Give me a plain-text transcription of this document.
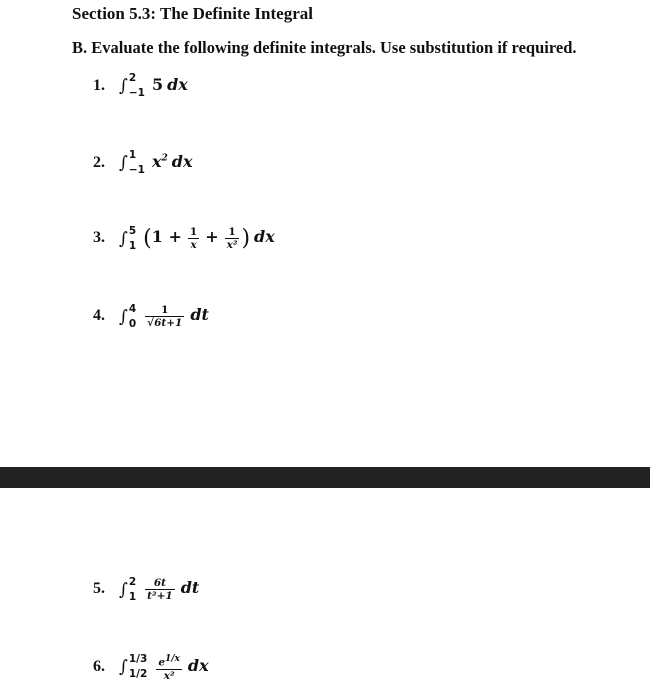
Section 5.3: The Definite Integral
B. Evaluate the following definite integrals. Use substitution if required.
1. ∫ 2
−1 5 dx
2. ∫ 1
−1 $x^2$ dx
3. ∫ 5
1 ($1 + \frac{1}{x} + \frac{1}{\text{x²}}$ ) dx
4. ∫ 4
0
$\frac{1}{√6t+1}$ dt
5. ∫ 2
1
$\frac{6t}{\text{t²+1}}$ dt
6. ∫ 1/3
1/2
$\frac{e^{1/x}}{\text{x²}}$ dx
